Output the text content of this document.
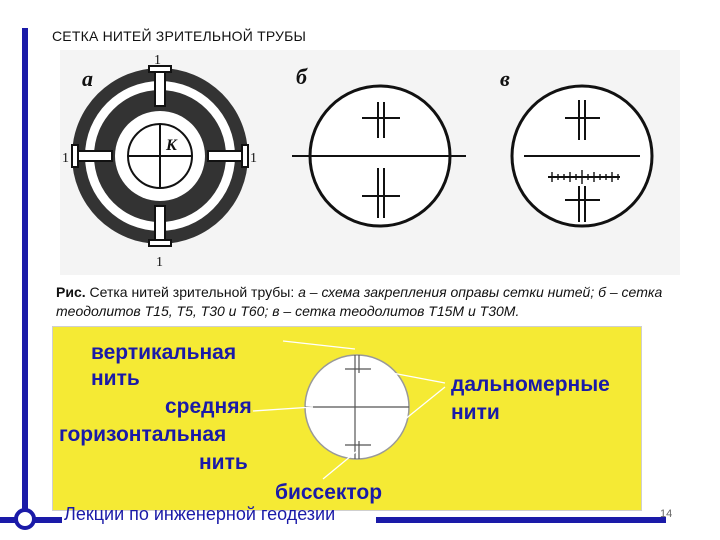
СЕТКА НИТЕЙ ЗРИТЕЛЬНОЙ ТРУБЫ
а
К
1
1	1
1
б	в
Рис. Сетка нитей зрительной трубы: а – схема закрепления оправы сетки нитей; б – сетка теодолитов Т15, Т5, Т30 и Т60; в – сетка теодолитов Т15М и Т30М.
вертикальная
нить
средняя
горизонтальная
нить
дальномерные
нити
биссектор
Лекции по инженерной геодезии	14
